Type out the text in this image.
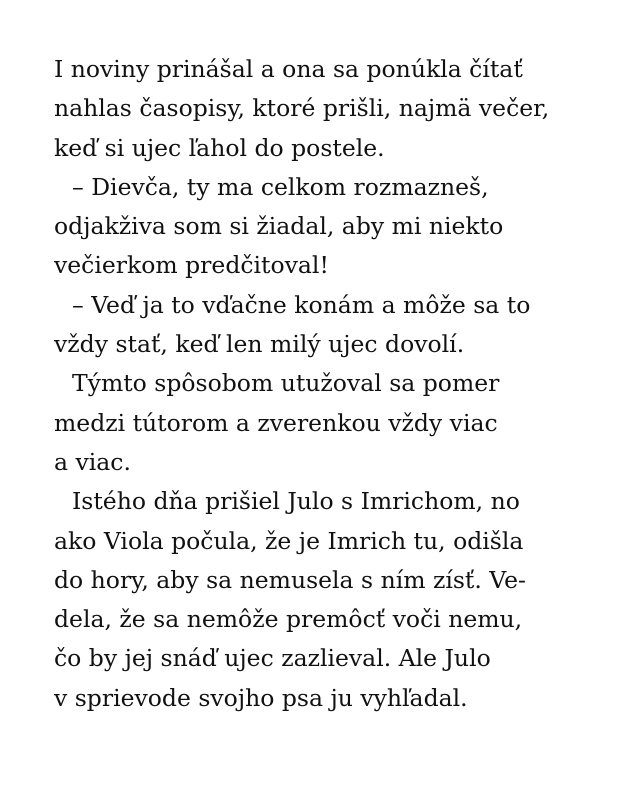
I noviny prinášal a ona sa ponúkla čítať
nahlas časopisy, ktoré prišli, najmä večer,
keď si ujec ľahol do postele.
– Dievča, ty ma celkom rozmazneš,
odjakživa som si žiadal, aby mi niekto
večierkom predčitoval!
– Veď ja to vďačne konám a môže sa to
vždy stať, keď len milý ujec dovolí.
Týmto spôsobom utužoval sa pomer
medzi tútorom a zverenkou vždy viac
a viac.
Istého dňa prišiel Julo s Imrichom, no
ako Viola počula, že je Imrich tu, odišla
do hory, aby sa nemusela s ním zísť. Ve-
dela, že sa nemôže premôcť voči nemu,
čo by jej snáď ujec zazlieval. Ale Julo
v sprievode svojho psa ju vyhľadal.
